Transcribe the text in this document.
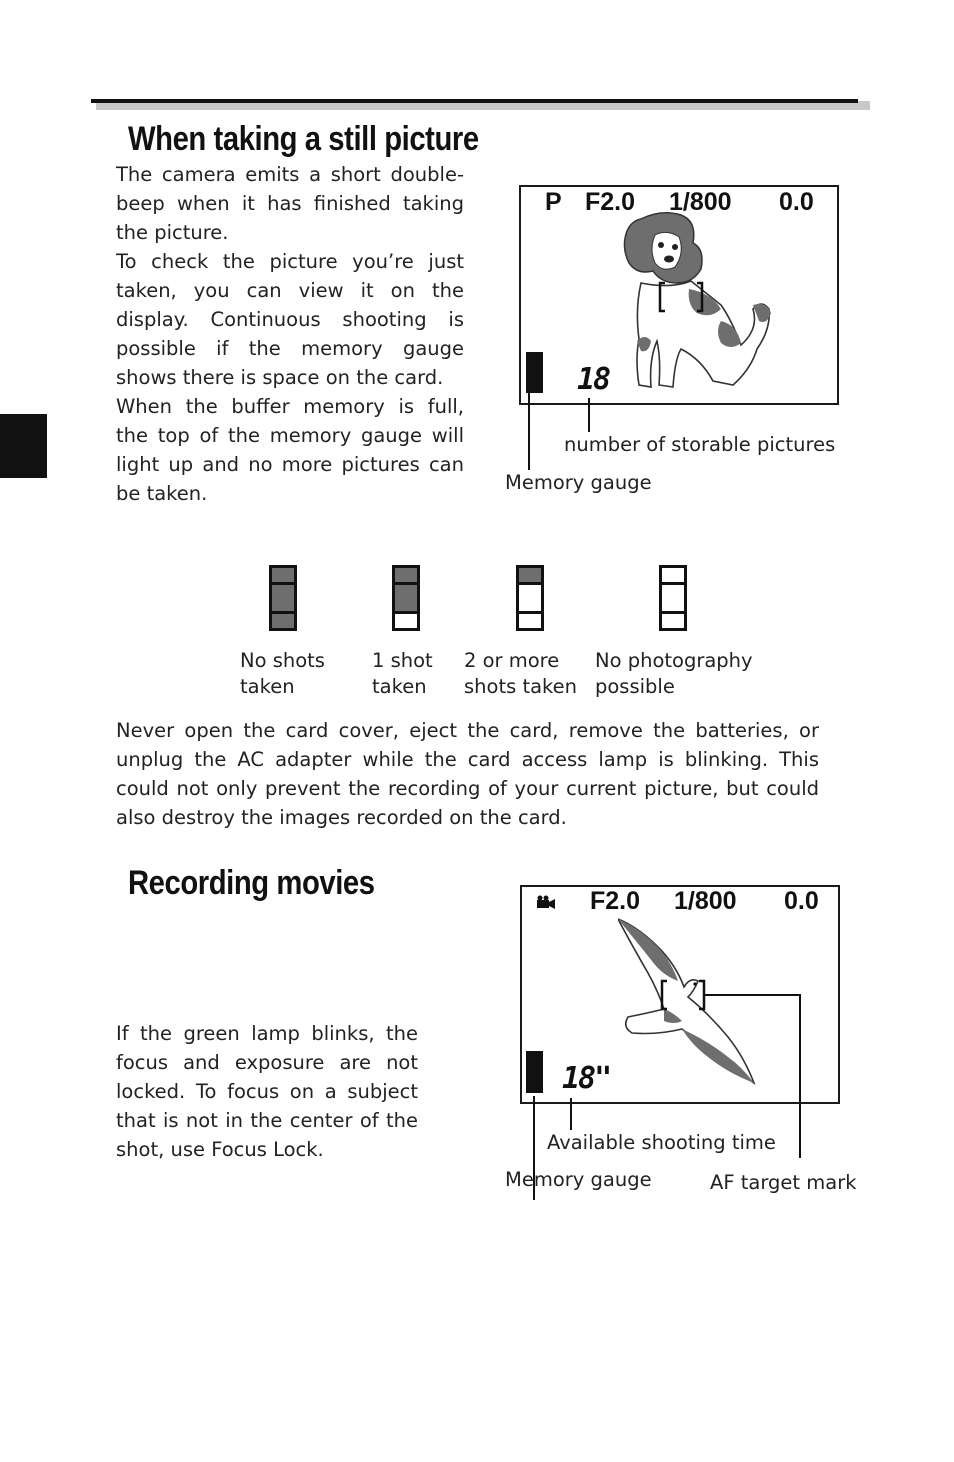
When taking a still picture

The camera emits a short double-beep when it has finished taking the picture.

To check the picture you’re just taken, you can view it on the display. Continuous shooting is possible if the memory gauge shows there is space on the card.

When the buffer memory is full, the top of the memory gauge will light up and no more pictures can be taken.

P F2.0 1/800 0.0
18
number of storable pictures
Memory gauge
No shots
taken
1 shot
taken
2 or more
shots taken
No photography
possible
Never open the card cover, eject the card, remove the batteries, or unplug the AC adapter while the card access lamp is blinking. This could not only prevent the recording of your current picture, but could also destroy the images recorded on the card.
Recording movies
If the green lamp blinks, the focus and exposure are not locked. To focus on a subject that is not in the center of the shot, use Focus Lock.
F2.0 1/800 0.0
18"
Available shooting time
Memory gauge	AF target mark
